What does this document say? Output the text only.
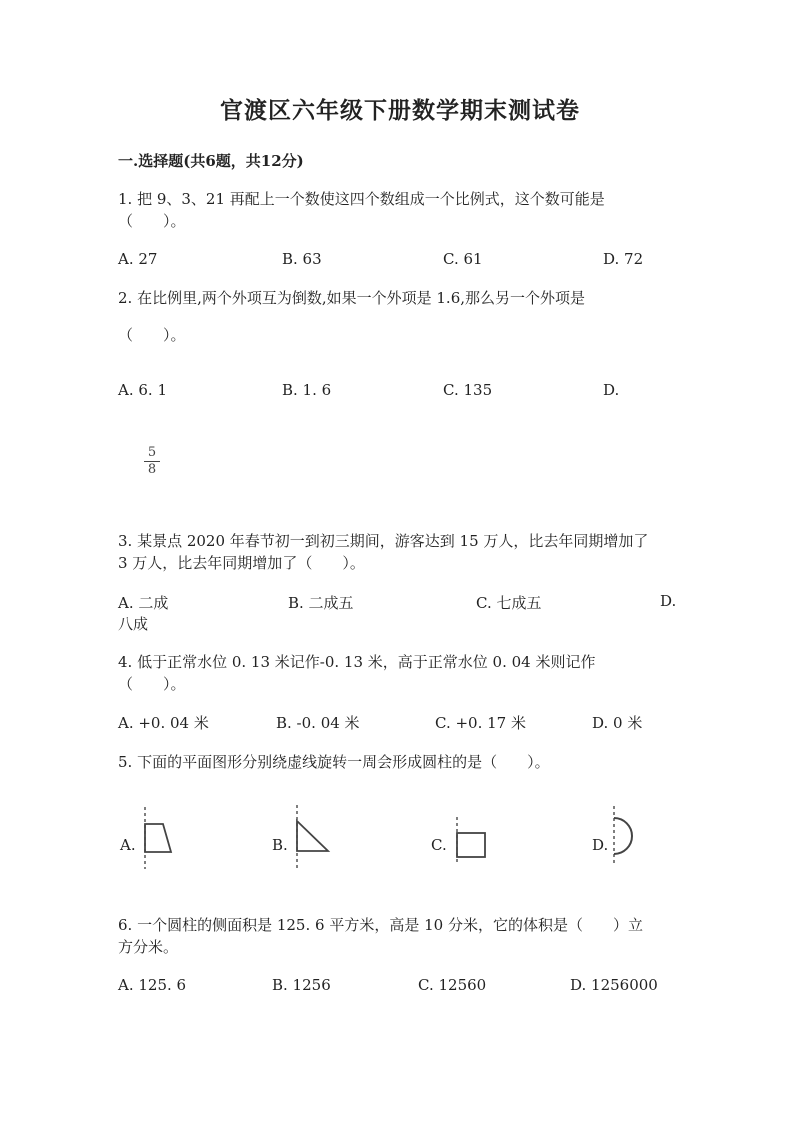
官渡区六年级下册数学期末测试卷
一.选择题(共6题，共12分)
1. 把 9、3、21 再配上一个数使这四个数组成一个比例式，这个数可能是
（　　）。
A. 27	B. 63	C. 61	D. 72
2. 在比例里,两个外项互为倒数,如果一个外项是 1.6,那么另一个外项是
（　　）。
A. 6. 1	B. 1. 6	C. 135	D.
5
8
3. 某景点 2020 年春节初一到初三期间，游客达到 15 万人，比去年同期增加了
3 万人，比去年同期增加了（　　）。
A. 二成	B. 二成五	C. 七成五	D.
八成
4. 低于正常水位 0. 13 米记作-0. 13 米，高于正常水位 0. 04 米则记作
（　　）。
A. +0. 04 米	B. -0. 04 米	C. +0. 17 米	D. 0 米
5. 下面的平面图形分别绕虚线旋转一周会形成圆柱的是（　　）。
A.	B.	C.	D.
6. 一个圆柱的侧面积是 125. 6 平方米，高是 10 分米，它的体积是（　　）立
方分米。
A. 125. 6	B. 1256	C. 12560	D. 1256000
